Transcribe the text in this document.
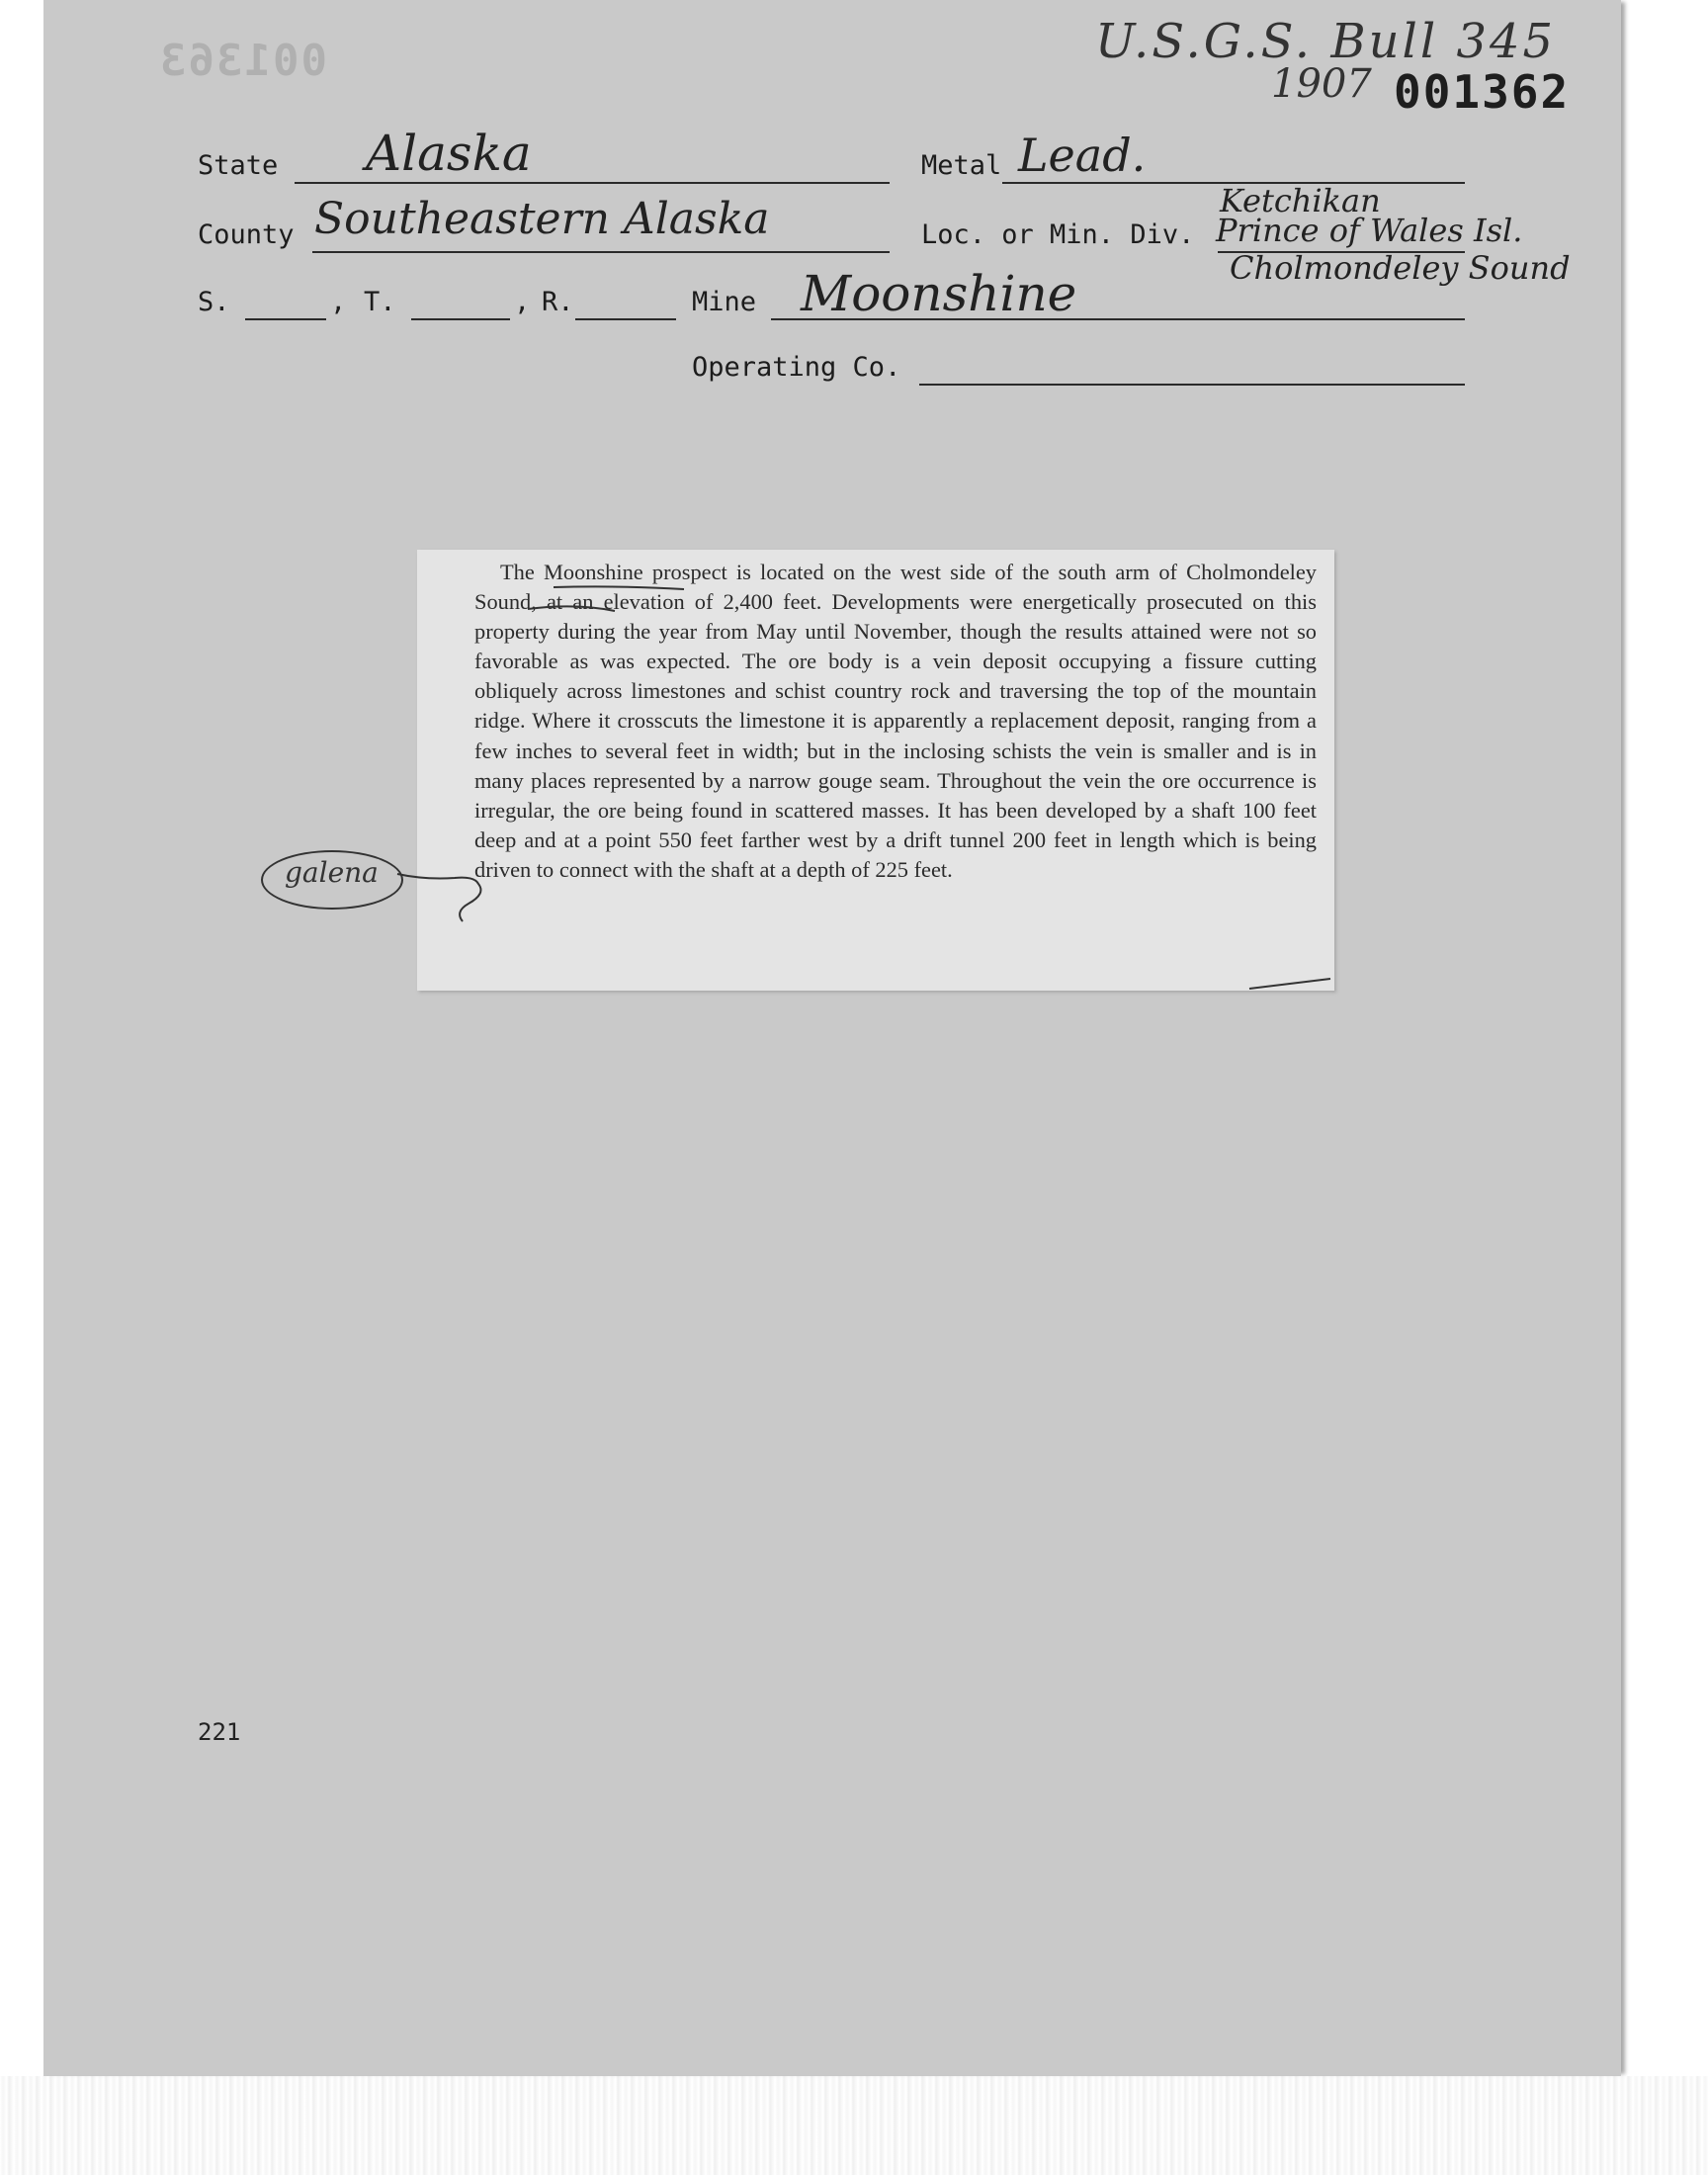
001363	U.S.G.S. Bull 345
1907 001362
State Alaska	Metal Lead.
County Southeastern Alaska	Loc. or Min. Div.
Ketchikan
Prince of Wales Isl.
Cholmondeley Sound
S.	, T.	, R.	Mine Moonshine
Operating Co.
The Moonshine prospect is located on the west side of the south arm of Cholmondeley Sound, at an elevation of 2,400 feet. Developments were energetically prosecuted on this property during the year from May until November, though the results attained were not so favorable as was expected. The ore body is a vein deposit occupying a fissure cutting obliquely across limestones and schist country rock and traversing the top of the mountain ridge. Where it crosscuts the limestone it is apparently a replacement deposit, ranging from a few inches to several feet in width; but in the inclosing schists the vein is smaller and is in many places represented by a narrow gouge seam. Throughout the vein the ore occurrence is irregular, the ore being found in scattered masses. It has been developed by a shaft 100 feet deep and at a point 550 feet farther west by a drift tunnel 200 feet in length which is being driven to connect with the shaft at a depth of 225 feet.
galena
221
